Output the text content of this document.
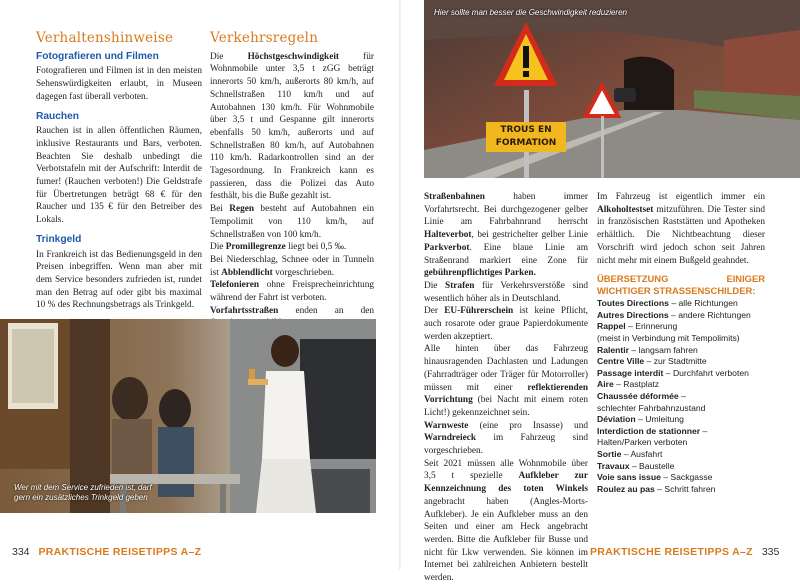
Verhaltenshinweise
Fotografieren und Filmen

Fotografieren und Filmen ist in den meisten Sehenswürdigkeiten erlaubt, in Museen dagegen fast überall verboten.

Rauchen

Rauchen ist in allen öffentlichen Räumen, inklusive Restaurants und Bars, verboten. Beachten Sie deshalb unbedingt die Verbotstafeln mit der Aufschrift: Interdit de fumer! (Rauchen verboten!) Die Geldstrafe für Übertretungen beträgt 68 € für den Raucher und 135 € für den Betreiber des Lokals.

Trinkgeld

In Frankreich ist das Bedienungsgeld in den Preisen inbegriffen. Wenn man aber mit dem Service besonders zufrieden ist, rundet man den Betrag auf oder gibt bis maximal 10 % des Rechnungsbetrags als Trinkgeld.

Verkehrsregeln

Die Höchstgeschwindigkeit für Wohnmobile unter 3,5 t zGG beträgt innerorts 50 km/h, außerorts 80 km/h, auf Schnellstraßen 110 km/h und auf Autobahnen 130 km/h. Für Wohnmobile über 3,5 t und Gespanne gilt innerorts ebenfalls 50 km/h, außerorts und auf Schnellstraßen 80 km/h, auf Autobahnen 110 km/h. Radarkontrollen sind an der Tagesordnung. In Frankreich kann es passieren, dass die Polizei das Auto festhält, bis die Buße gezahlt ist.

Bei Regen besteht auf Autobahnen ein Tempolimit von 110 km/h, auf Schnellstraßen von 100 km/h.

Die Promillegrenze liegt bei 0,5 ‰.

Bei Niederschlag, Schnee oder in Tunneln ist Abblendlicht vorgeschrieben.

Telefonieren ohne Freisprecheinrichtung während der Fahrt ist verboten.

Vorfahrtsstraßen enden an den

Wer mit dem Service zufrieden ist, darf gern ein zusätzliches Trinkgeld geben
334 PRAKTISCHE REISETIPPS A–Z
Hier sollte man besser die Geschwindigkeit reduzieren
TROUS EN
FORMATION

Straßenbahnen haben immer Vorfahrtsrecht. Bei durchgezogener gelber Linie am Fahrbahnrand herrscht Halteverbot, bei gestrichelter gelber Linie Parkverbot. Eine blaue Linie am Straßenrand markiert eine Zone für gebührenpflichtiges Parken.

Die Strafen für Verkehrsverstöße sind wesentlich höher als in Deutschland.

Der EU-Führerschein ist keine Pflicht, auch rosarote oder graue Papierdokumente werden akzeptiert.

Alle hinten über das Fahrzeug hinausragenden Dachlasten und Ladungen (Fahrradträger oder Träger für Motorroller) müssen mit einer reflektierenden Vorrichtung (bei Nacht mit einem roten Licht!) gekennzeichnet sein.

Warnweste (eine pro Insasse) und Warndreieck im Fahrzeug sind vorgeschrieben.

Seit 2021 müssen alle Wohnmobile über 3,5 t spezielle Aufkleber zur Kennzeichnung des toten Winkels angebracht haben (Angles-Morts-Aufkleber). Je ein Aufkleber muss an den Seiten und einer am Heck angebracht werden. Bitte die Aufkleber für Busse und nicht für Lkw verwenden. Sie können im Internet bei zahlreichen Anbietern bestellt werden.

Im Fahrzeug ist eigentlich immer ein Alkoholtestset mitzuführen. Die Tester sind in französischen Raststätten und Apotheken erhältlich. Die Nichtbeachtung dieser Vorschrift wird jedoch schon seit Jahren nicht mehr mit einem Bußgeld geahndet.

ÜBERSETZUNG EINIGER WICHTIGER STRASSENSCHILDER:
Toutes Directions – alle Richtungen
Autres Directions – andere Richtungen
Rappel – Erinnerung
(meist in Verbindung mit Tempolimits)
Ralentir – langsam fahren
Centre Ville – zur Stadtmitte
Passage interdit – Durchfahrt verboten
Aire – Rastplatz
Chaussée déformée –
schlechter Fahrbahnzustand
Déviation – Umleitung
Interdiction de stationner –
Halten/Parken verboten
Sortie – Ausfahrt
Travaux – Baustelle
Voie sans issue – Sackgasse
Roulez au pas – Schritt fahren
PRAKTISCHE REISETIPPS A–Z 335
